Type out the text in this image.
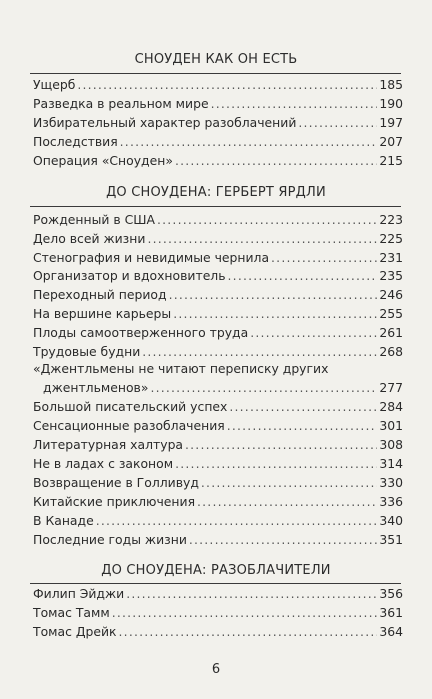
СНОУДЕН КАК ОН ЕСТЬ
Ущерб .....	185
Разведка в реальном мире .....	190
Избирательный характер разоблачений .....	197
Последствия .....	207
Операция «Сноуден» .....	215
ДО СНОУДЕНА: ГЕРБЕРТ ЯРДЛИ
Рожденный в США .....	223
Дело всей жизни .....	225
Стенография и невидимые чернила .....	231
Организатор и вдохновитель .....	235
Переходный период .....	246
На вершине карьеры .....	255
Плоды самоотверженного труда .....	261
Трудовые будни .....	268
«Джентльмены не читают переписку других
джентльменов» .....	277
Большой писательский успех .....	284
Сенсационные разоблачения .....	301
Литературная халтура .....	308
Не в ладах с законом .....	314
Возвращение в Голливуд .....	330
Китайские приключения .....	336
В Канаде .....	340
Последние годы жизни .....	351
ДО СНОУДЕНА: РАЗОБЛАЧИТЕЛИ
Филип Эйджи .....	356
Томас Тамм .....	361
Томас Дрейк .....	364
6
